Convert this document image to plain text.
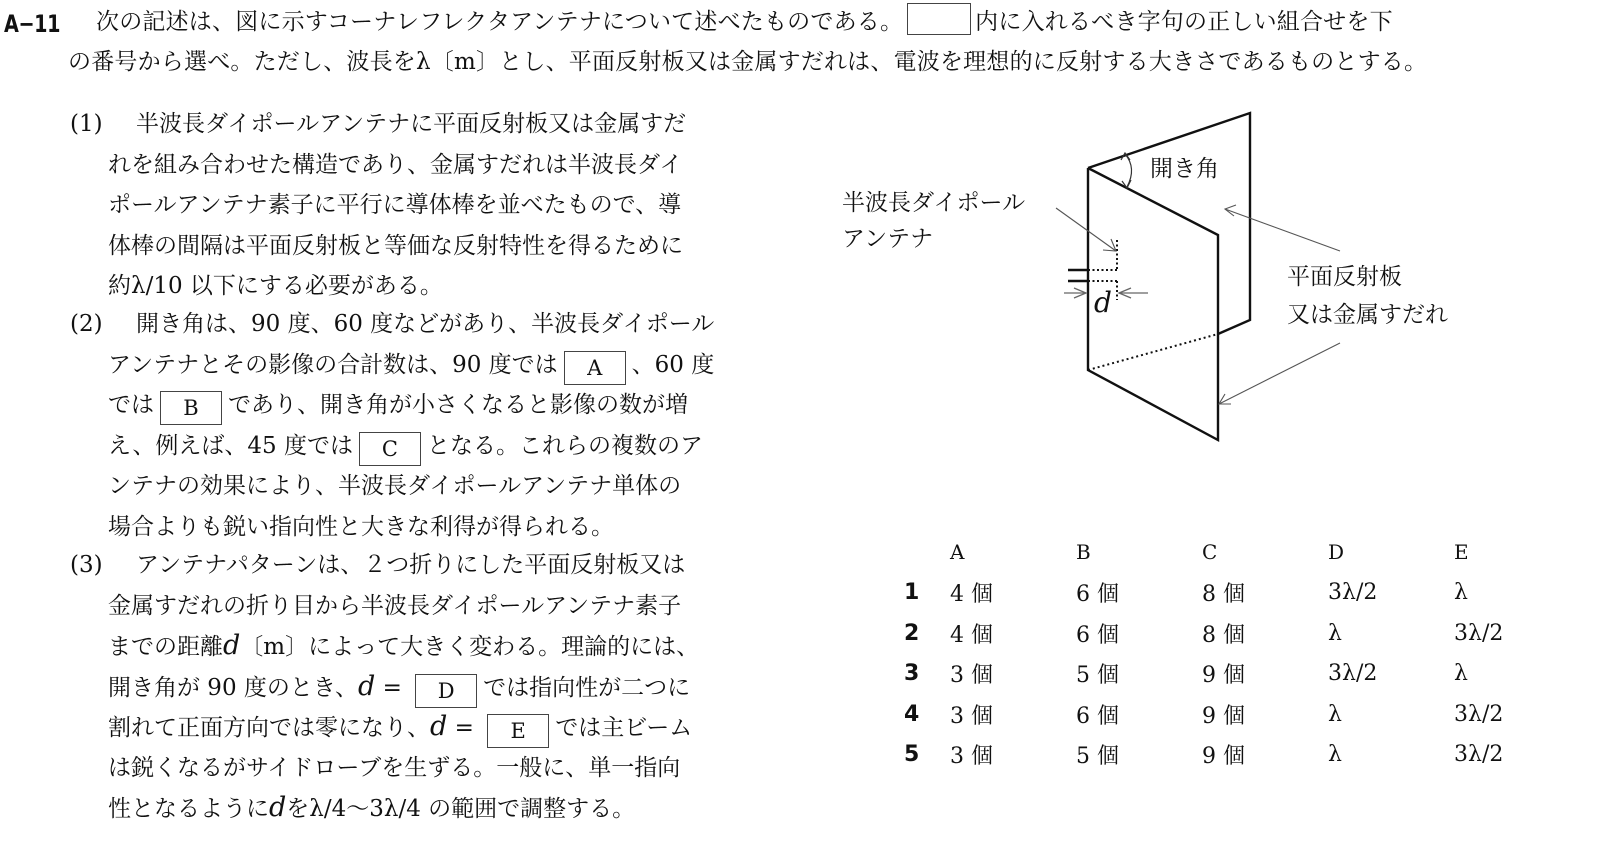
A−11 次の記述は、図に示すコーナレフレクタアンテナについて述べたものである。	内に入れるべき字句の正しい組合せを下
の番号から選べ。ただし、波長をλ〔m〕とし、平面反射板又は金属すだれは、電波を理想的に反射する大きさであるものとする。
(1) 半波長ダイポールアンテナに平面反射板又は金属すだ
れを組み合わせた構造であり、金属すだれは半波長ダイ
ポールアンテナ素子に平行に導体棒を並べたもので、導
体棒の間隔は平面反射板と等価な反射特性を得るために
約λ/10 以下にする必要がある。
(2) 開き角は、90 度、60 度などがあり、半波長ダイポール
アンテナとその影像の合計数は、90 度では A 、60 度
では B であり、開き角が小さくなると影像の数が増
え、例えば、45 度では C となる。これらの複数のア
ンテナの効果により、半波長ダイポールアンテナ単体の
場合よりも鋭い指向性と大きな利得が得られる。
(3) アンテナパターンは、２つ折りにした平面反射板又は
金属すだれの折り目から半波長ダイポールアンテナ素子
までの距離d〔m〕によって大きく変わる。理論的には、
開き角が 90 度のとき、d = D では指向性が二つに
割れて正面方向では零になり、d = E では主ビーム
は鋭くなるがサイドローブを生ずる。一般に、単一指向
性となるようにdをλ/4〜3λ/4 の範囲で調整する。
開き角
半波長ダイポール
アンテナ
平面反射板
又は金属すだれ
d
A	B	C	D	E
1	4 個	6 個	8 個	3λ/2	λ
2	4 個	6 個	8 個	λ	3λ/2
3	3 個	5 個	9 個	3λ/2	λ
4	3 個	6 個	9 個	λ	3λ/2
5	3 個	5 個	9 個	λ	3λ/2
